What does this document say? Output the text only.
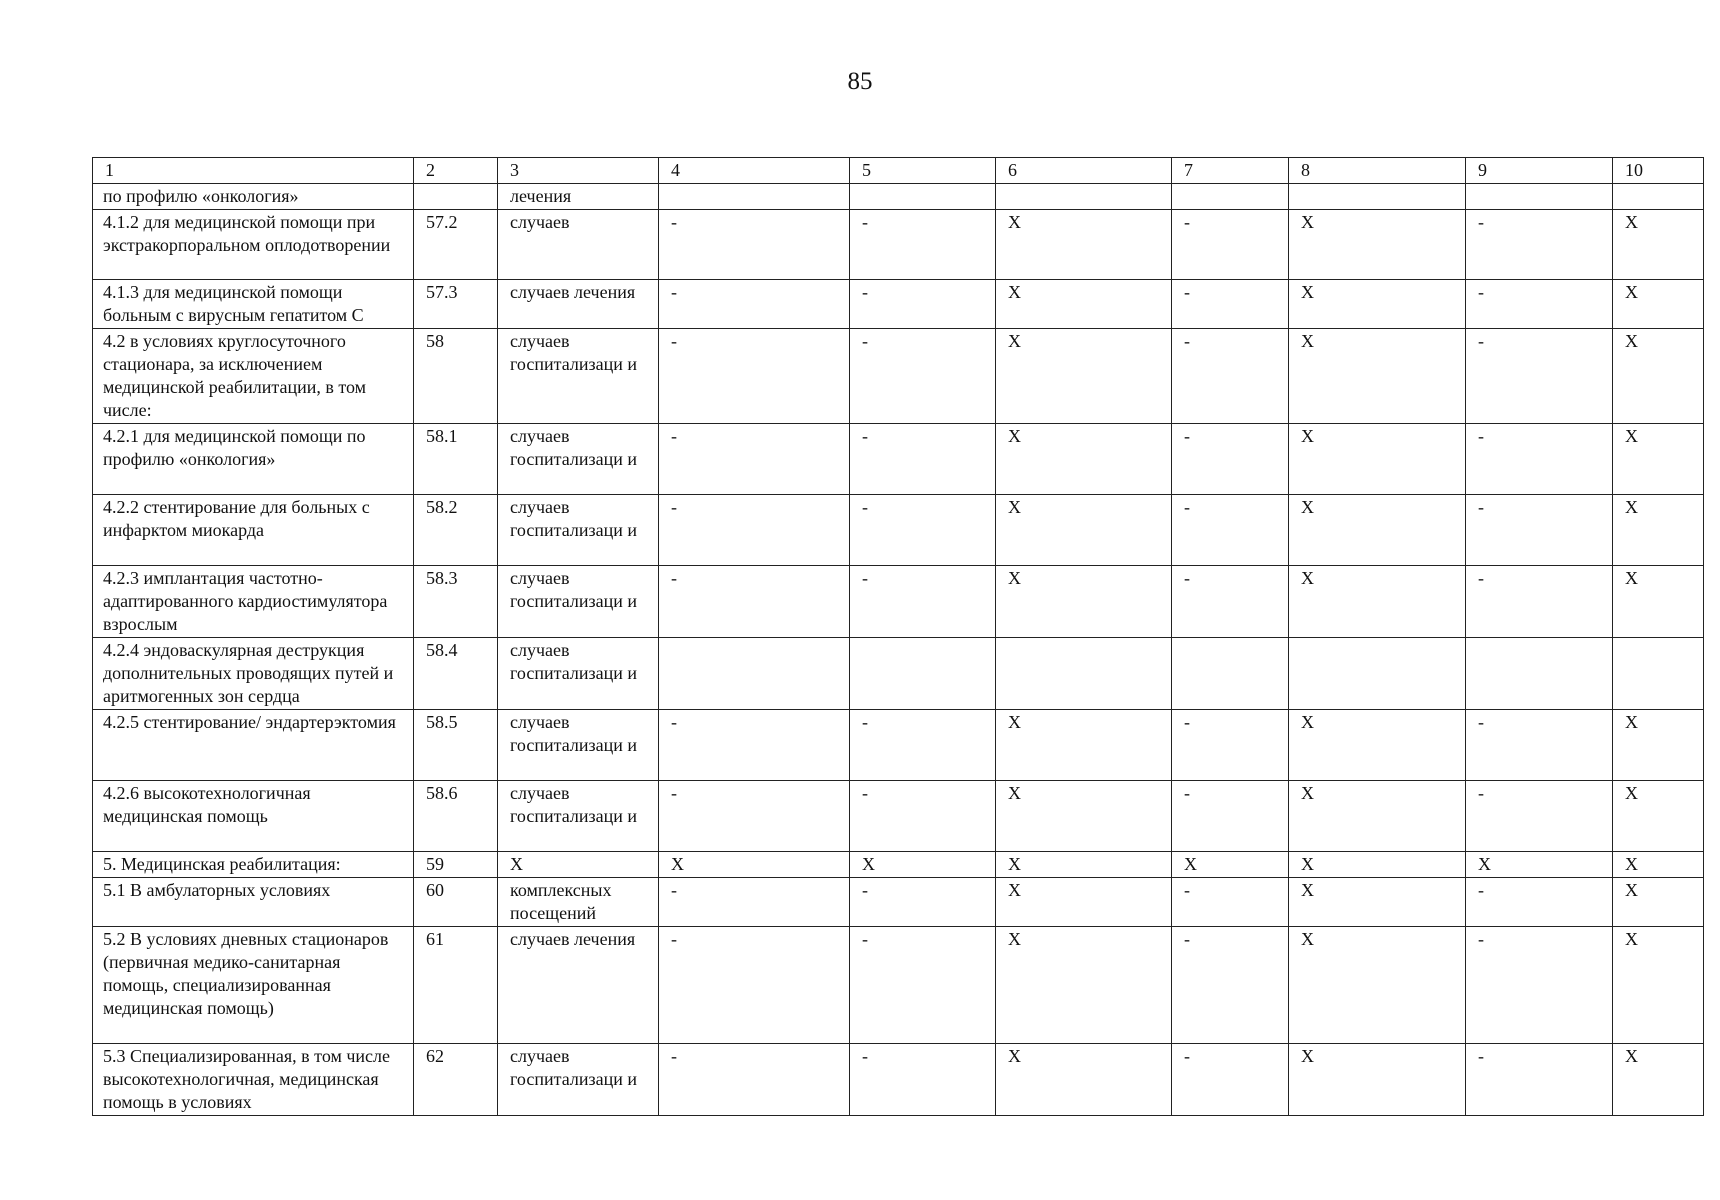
85
1	2	3	4	5	6	7	8	9	10
по профилю «онкология»		лечения							
4.1.2 для медицинской помощи при экстракорпоральном оплодотворении	57.2	случаев	-	-	X	-	X	-	X
4.1.3 для медицинской помощи больным с вирусным гепатитом С	57.3	случаев лечения	-	-	X	-	X	-	X
4.2 в условиях круглосуточного стационара, за исключением медицинской реабилитации, в том числе:	58	случаев госпитализаци и	-	-	X	-	X	-	X
4.2.1 для медицинской помощи по профилю «онкология»	58.1	случаев госпитализаци и	-	-	X	-	X	-	X
4.2.2 стентирование для больных с инфарктом миокарда	58.2	случаев госпитализаци и	-	-	X	-	X	-	X
4.2.3 имплантация частотно-адаптированного кардиостимулятора взрослым	58.3	случаев госпитализаци и	-	-	X	-	X	-	X
4.2.4 эндоваскулярная деструкция дополнительных проводящих путей и аритмогенных зон сердца	58.4	случаев госпитализаци и							
4.2.5 стентирование/ эндартерэктомия	58.5	случаев госпитализаци и	-	-	X	-	X	-	X
4.2.6 высокотехнологичная медицинская помощь	58.6	случаев госпитализаци и	-	-	X	-	X	-	X
5. Медицинская реабилитация:	59	X	X	X	X	X	X	X	X
5.1 В амбулаторных условиях	60	комплексных посещений	-	-	X	-	X	-	X
5.2 В условиях дневных стационаров (первичная медико-санитарная помощь, специализированная медицинская помощь)	61	случаев лечения	-	-	X	-	X	-	X
5.3 Специализированная, в том числе высокотехнологичная, медицинская помощь в условиях	62	случаев госпитализаци и	-	-	X	-	X	-	X
